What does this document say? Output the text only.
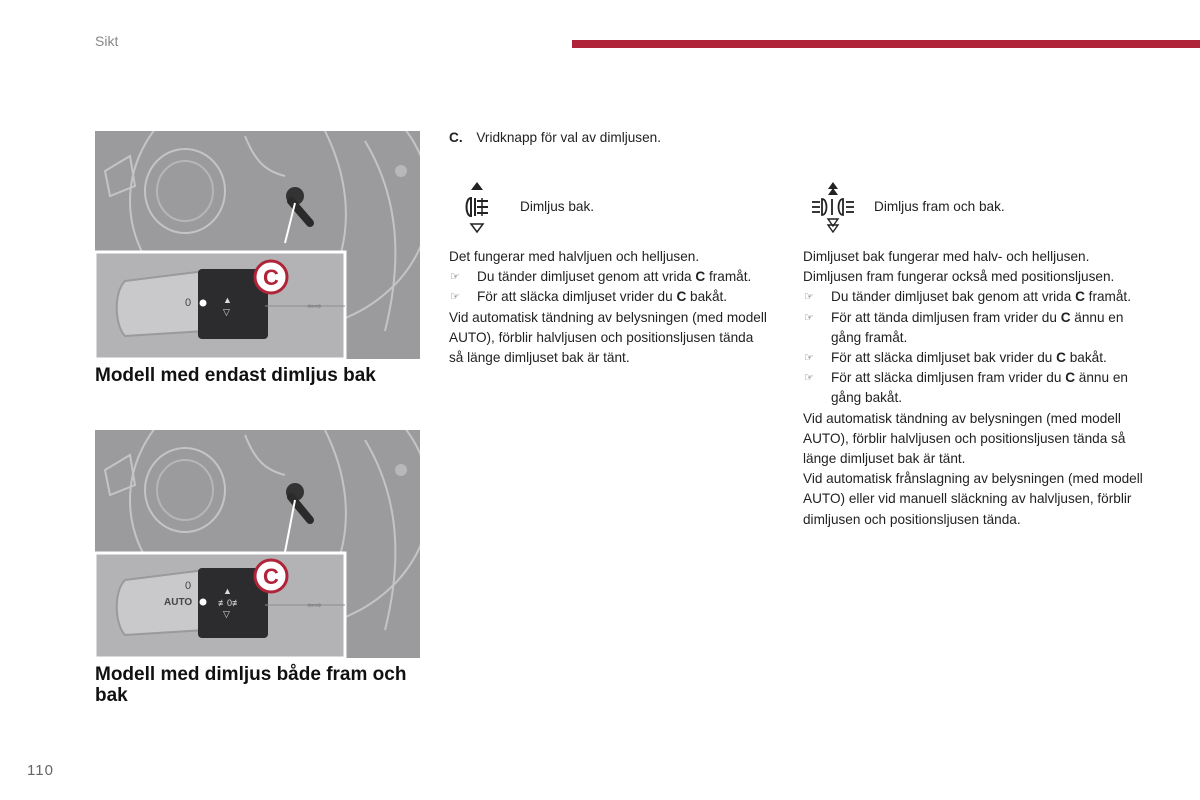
Sikt
110
0	▲
▽
⇦⇨
C
Modell med endast dimljus bak
0
AUTO
▲
≢0≢
▽
⇦⇨
C
Modell med dimljus både fram och bak
C. Vridknapp för val av dimljusen.
Dimljus bak.

Det fungerar med halvljuen och helljusen.

☞ Du tänder dimljuset genom att vrida C framåt.

☞ För att släcka dimljuset vrider du C bakåt.

Vid automatisk tändning av belysningen (med modell AUTO), förblir halvljusen och positionsljusen tända så länge dimljuset bak är tänt.

Dimljus fram och bak.

Dimljuset bak fungerar med halv- och helljusen. Dimljusen fram fungerar också med positionsljusen.

☞ Du tänder dimljuset bak genom att vrida C framåt.

☞ För att tända dimljusen fram vrider du C ännu en gång framåt.

☞ För att släcka dimljuset bak vrider du C bakåt.

☞ För att släcka dimljusen fram vrider du C ännu en gång bakåt.

Vid automatisk tändning av belysningen (med modell AUTO), förblir halvljusen och positionsljusen tända så länge dimljuset bak är tänt.

Vid automatisk frånslagning av belysningen (med modell AUTO) eller vid manuell släckning av halvljusen, förblir dimljusen och positionsljusen tända.
